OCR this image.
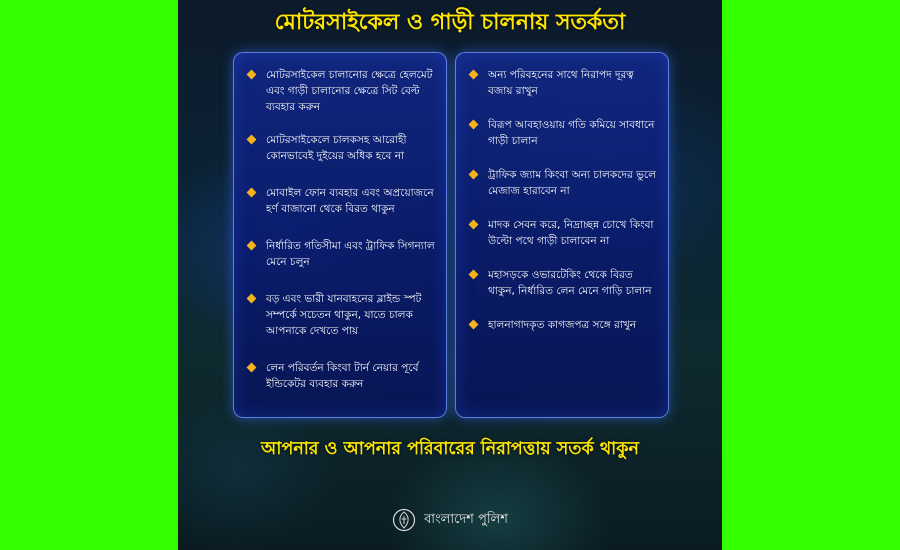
মোটরসাইকেল ও গাড়ী চালনায় সতর্কতা
মোটরসাইকেল চালানোর ক্ষেত্রে হেলমেট এবং গাড়ী চালানোর ক্ষেত্রে সিট বেল্ট ব্যবহার করুন
মোটরসাইকেলে চালকসহ আরোহী কোনভাবেই দুইয়ের অধিক হবে না
মোবাইল ফোন ব্যবহার এবং অপ্রয়োজনে হর্ণ বাজানো থেকে বিরত থাকুন
নির্ধারিত গতিসীমা এবং ট্রাফিক সিগন্যাল মেনে চলুন
বড় এবং ভারী যানবাহনের ব্লাইন্ড স্পট সম্পর্কে সচেতন থাকুন, যাতে চালক আপনাকে দেখতে পায়
লেন পরিবর্তন কিংবা টার্ন নেয়ার পূর্বে ইন্ডিকেটর ব্যবহার করুন
অন্য পরিবহনের সাথে নিরাপদ দূরত্ব বজায় রাখুন
বিরূপ আবহাওয়ায় গতি কমিয়ে সাবধানে গাড়ী চালান
ট্রাফিক জ্যাম কিংবা অন্য চালকদের ভুলে মেজাজ হারাবেন না
মাদক সেবন করে, নিদ্রাচ্ছন্ন চোখে কিংবা উল্টো পথে গাড়ী চালাবেন না
মহাসড়কে ওভারটেকিং থেকে বিরত থাকুন, নির্ধারিত লেন মেনে গাড়ি চালান
হালনাগাদকৃত কাগজপত্র সঙ্গে রাখুন
আপনার ও আপনার পরিবারের নিরাপত্তায় সতর্ক থাকুন
বাংলাদেশ পুলিশ
